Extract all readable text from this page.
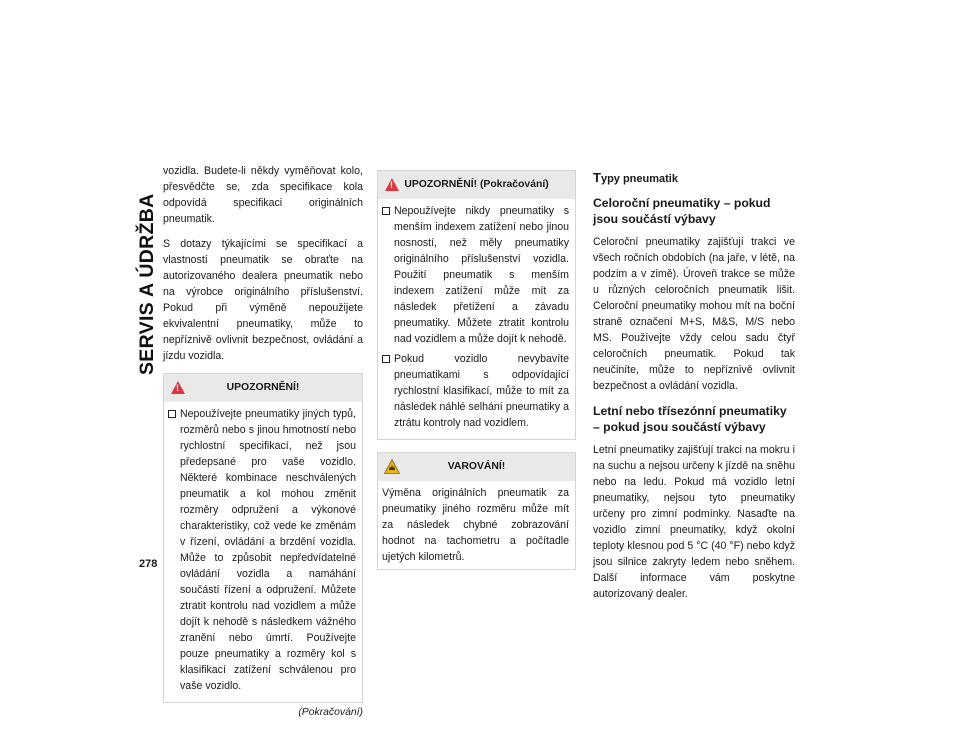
SERVIS A ÚDRŽBA
278

vozidla. Budete-li někdy vyměňovat kolo, přesvědčte se, zda specifikace kola odpovídá specifikaci originálních pneumatik.

S dotazy týkajícími se specifikací a vlastností pneumatik se obraťte na autorizovaného dealera pneumatik nebo na výrobce originálního příslušenství. Pokud při výměně nepoužijete ekvivalentní pneumatiky, může to nepříznivě ovlivnit bezpečnost, ovládání a jízdu vozidla.

!
UPOZORNĚNÍ!
Nepoužívejte pneumatiky jiných typů, rozměrů nebo s jinou hmotností nebo rychlostní specifikací, než jsou předepsané pro vaše vozidlo. Některé kombinace neschválených pneumatik a kol mohou změnit rozměry odpružení a výkonové charakteristiky, což vede ke změnám v řízení, ovládání a brzdění vozidla. Může to způsobit nepředvídatelné ovládání vozidla a namáhání součástí řízení a odpružení. Můžete ztratit kontrolu nad vozidlem a může dojít k nehodě s následkem vážného zranění nebo úmrtí. Používejte pouze pneumatiky a rozměry kol s klasifikací zatížení schválenou pro vaše vozidlo.
(Pokračování)
!
UPOZORNĚNÍ! (Pokračování)
Nepoužívejte nikdy pneumatiky s menším indexem zatížení nebo jinou nosností, než měly pneumatiky originálního příslušenství vozidla. Použití pneumatik s menším indexem zatížení může mít za následek přetížení a závadu pneumatiky. Můžete ztratit kontrolu nad vozidlem a může dojít k nehodě.
Pokud vozidlo nevybavíte pneumatikami s odpovídající rychlostní klasifikací, může to mít za následek náhlé selhání pneumatiky a ztrátu kontroly nad vozidlem.
VAROVÁNÍ!

Výměna originálních pneumatik za pneumatiky jiného rozměru může mít za následek chybné zobrazování hodnot na tachometru a počítadle ujetých kilometrů.

Typy pneumatik
Celoroční pneumatiky – pokud jsou součástí výbavy

Celoroční pneumatiky zajišťují trakci ve všech ročních obdobích (na jaře, v létě, na podzim a v zimě). Úroveň trakce se může u různých celoročních pneumatik lišit. Celoroční pneumatiky mohou mít na boční straně označení M+S, M&S, M/S nebo MS. Používejte vždy celou sadu čtyř celoročních pneumatik. Pokud tak neučiníte, může to nepříznivě ovlivnit bezpečnost a ovládání vozidla.

Letní nebo třísezónní pneumatiky – pokud jsou součástí výbavy

Letní pneumatiky zajišťují trakci na mokru i na suchu a nejsou určeny k jízdě na sněhu nebo na ledu. Pokud má vozidlo letní pneumatiky, nejsou tyto pneumatiky určeny pro zimní podmínky. Nasaďte na vozidlo zimní pneumatiky, když okolní teploty klesnou pod 5 °C (40 °F) nebo když jsou silnice zakryty ledem nebo sněhem. Další informace vám poskytne autorizovaný dealer.
